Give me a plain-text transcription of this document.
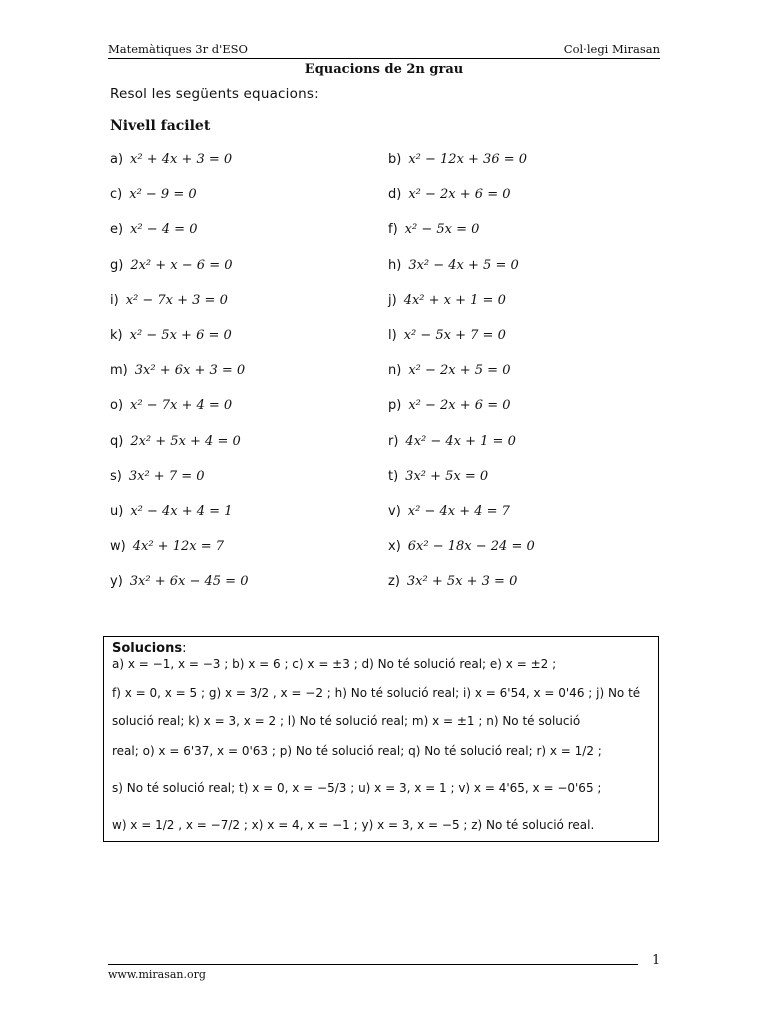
Matemàtiques 3r d'ESO	Col·legi Mirasan
Equacions de 2n grau
Resol les següents equacions:
Nivell facilet
a) x² + 4x + 3 = 0
c) x² − 9 = 0
e) x² − 4 = 0
g) 2x² + x − 6 = 0
i) x² − 7x + 3 = 0
k) x² − 5x + 6 = 0
m) 3x² + 6x + 3 = 0
o) x² − 7x + 4 = 0
q) 2x² + 5x + 4 = 0
s) 3x² + 7 = 0
u) x² − 4x + 4 = 1
w) 4x² + 12x = 7
y) 3x² + 6x − 45 = 0
b) x² − 12x + 36 = 0
d) x² − 2x + 6 = 0
f) x² − 5x = 0
h) 3x² − 4x + 5 = 0
j) 4x² + x + 1 = 0
l) x² − 5x + 7 = 0
n) x² − 2x + 5 = 0
p) x² − 2x + 6 = 0
r) 4x² − 4x + 1 = 0
t) 3x² + 5x = 0
v) x² − 4x + 4 = 7
x) 6x² − 18x − 24 = 0
z) 3x² + 5x + 3 = 0
Solucions:
a) x = −1, x = −3 ; b) x = 6 ; c) x = ±3 ; d) No té solució real; e) x = ±2 ;
f) x = 0, x = 5 ; g) x = 3/2 , x = −2 ; h) No té solució real; i) x = 6'54, x = 0'46 ; j) No té
solució real; k) x = 3, x = 2 ; l) No té solució real; m) x = ±1 ; n) No té solució
real; o) x = 6'37, x = 0'63 ; p) No té solució real; q) No té solució real; r) x = 1/2 ;
s) No té solució real; t) x = 0, x = −5/3 ; u) x = 3, x = 1 ; v) x = 4'65, x = −0'65 ;
w) x = 1/2 , x = −7/2 ; x) x = 4, x = −1 ; y) x = 3, x = −5 ; z) No té solució real.
1
www.mirasan.org
